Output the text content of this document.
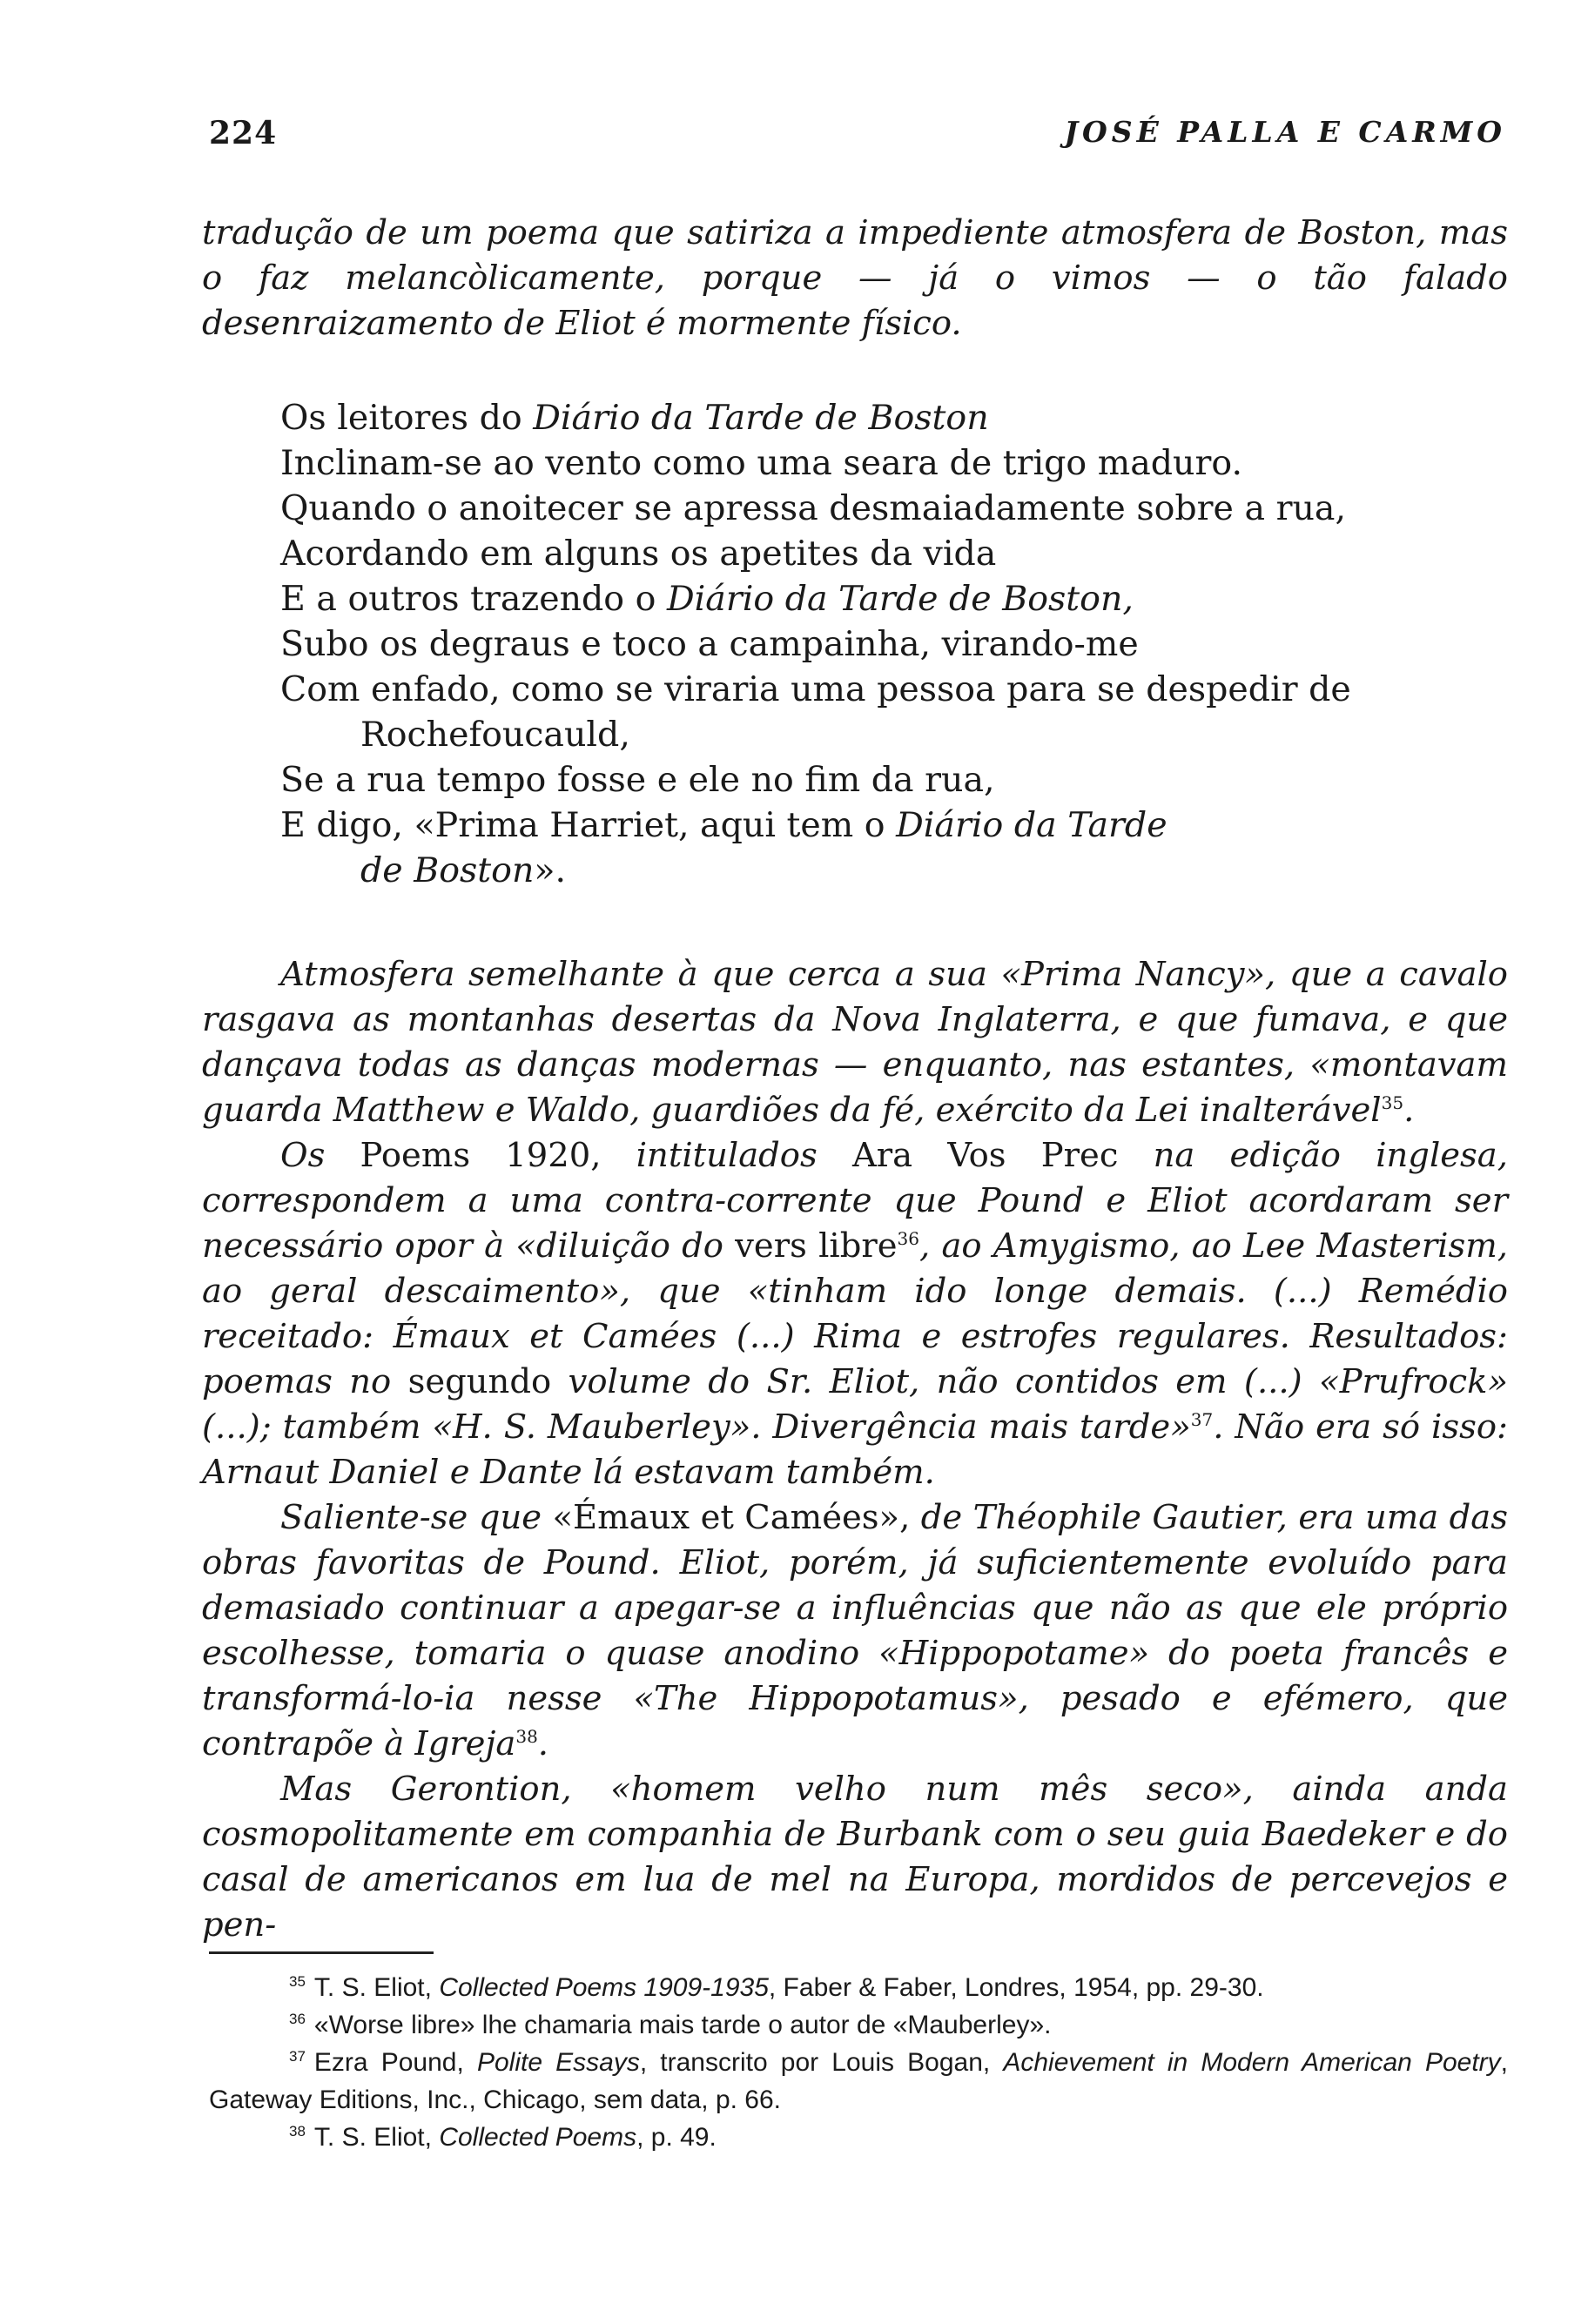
224	JOSÉ PALLA E CARMO

tradução de um poema que satiriza a impediente atmosfera de Boston, mas o faz melancòlicamente, porque — já o vimos — o tão falado desenraizamento de Eliot é mormente físico.

Os leitores do Diário da Tarde de Boston
Inclinam-se ao vento como uma seara de trigo maduro.
Quando o anoitecer se apressa desmaiadamente sobre a rua,
Acordando em alguns os apetites da vida
E a outros trazendo o Diário da Tarde de Boston,
Subo os degraus e toco a campainha, virando-me
Com enfado, como se viraria uma pessoa para se despedir de
Rochefoucauld,
Se a rua tempo fosse e ele no fim da rua,
E digo, «Prima Harriet, aqui tem o Diário da Tarde
de Boston».

Atmosfera semelhante à que cerca a sua «Prima Nancy», que a cavalo rasgava as montanhas desertas da Nova Inglaterra, e que fumava, e que dançava todas as danças modernas — enquanto, nas estantes, «montavam guarda Matthew e Waldo, guardiões da fé, exército da Lei inalterável$^{35}$.

Os Poems 1920, intitulados Ara Vos Prec na edição inglesa, correspondem a uma contra-corrente que Pound e Eliot acordaram ser necessário opor à «diluição do vers libre$^{36}$, ao Amygismo, ao Lee Masterism, ao geral descaimento», que «tinham ido longe demais. (...) Remédio receitado: Émaux et Camées (...) Rima e estrofes regulares. Resultados: poemas no segundo volume do Sr. Eliot, não contidos em (...) «Prufrock» (...); também «H. S. Mauberley». Divergência mais tarde»$^{37}$. Não era só isso: Arnaut Daniel e Dante lá estavam também.

Saliente-se que «Émaux et Camées», de Théophile Gautier, era uma das obras favoritas de Pound. Eliot, porém, já suficientemente evoluído para demasiado continuar a apegar-se a influências que não as que ele próprio escolhesse, tomaria o quase anodino «Hippopotame» do poeta francês e transformá-lo-ia nesse «The Hippopotamus», pesado e efémero, que contrapõe à Igreja$^{38}$.

Mas Gerontion, «homem velho num mês seco», ainda anda cosmopolitamente em companhia de Burbank com o seu guia Baedeker e do casal de americanos em lua de mel na Europa, mordidos de percevejos e pen-

$^{35}$ T. S. Eliot, Collected Poems 1909-1935, Faber & Faber, Londres, 1954, pp. 29-30.

$^{36}$ «Worse libre» lhe chamaria mais tarde o autor de «Mauberley».

$^{37}$ Ezra Pound, Polite Essays, transcrito por Louis Bogan, Achievement in Modern American Poetry, Gateway Editions, Inc., Chicago, sem data, p. 66.

$^{38}$ T. S. Eliot, Collected Poems, p. 49.
